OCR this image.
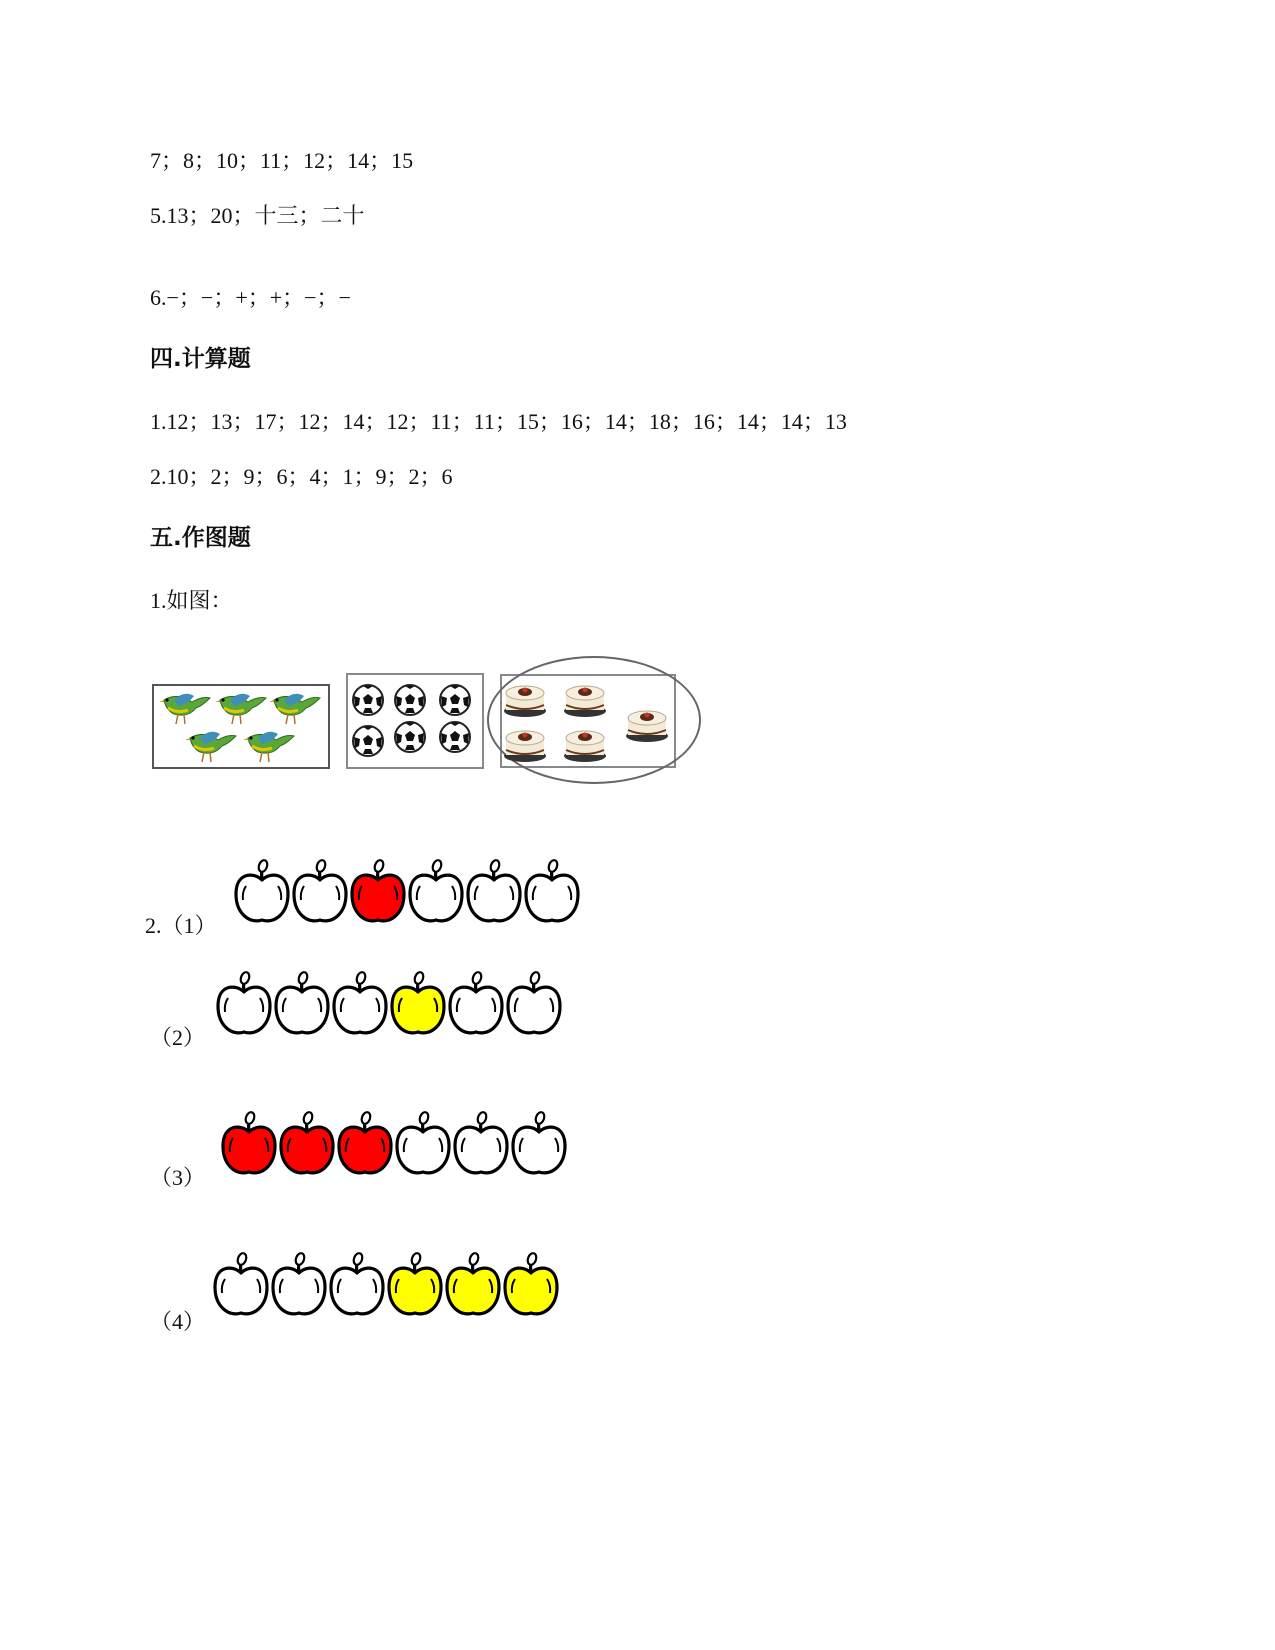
7；8；10；11；12；14；15
5.13；20；十三；二十
6.−；−；+；+；−；−
四.计算题
1.12；13；17；12；14；12；11；11；15；16；14；18；16；14；14；13
2.10；2；9；6；4；1；9；2；6
五.作图题
1.如图：
2.（1）
（2）
（3）
（4）
